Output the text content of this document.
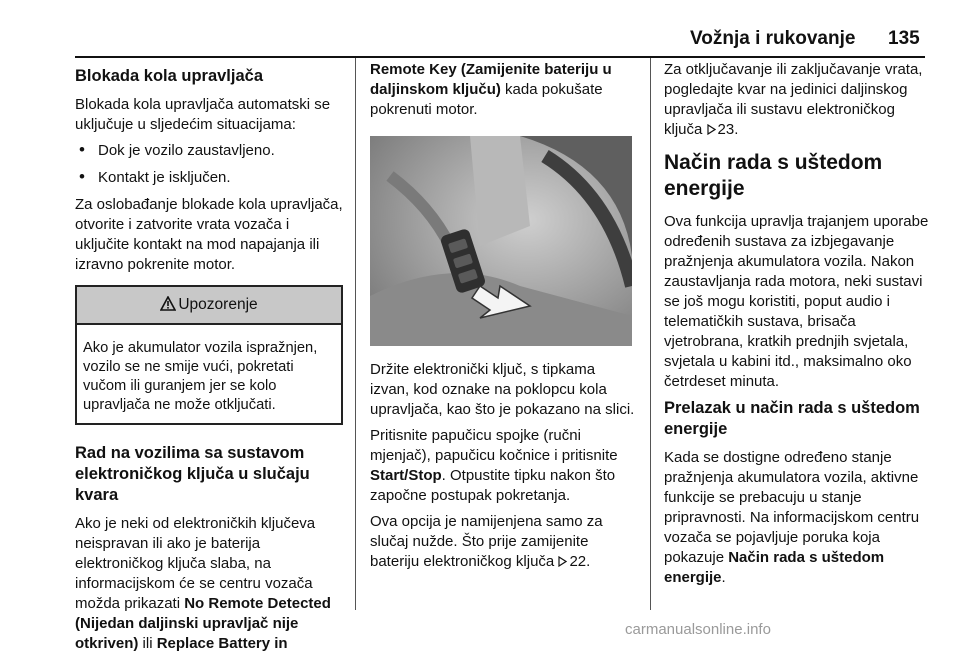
Vožnja i rukovanje 135
Blokada kola upravljača

Blokada kola upravljača automatski se uključuje u sljedećim situacijama:

• Dok je vozilo zaustavljeno.
• Kontakt je isključen.

Za oslobađanje blokade kola upravljača, otvorite i zatvorite vrata vozača i uključite kontakt na mod napajanja ili izravno pokrenite motor.

Upozorenje
Ako je akumulator vozila ispražnjen, vozilo se ne smije vući, pokretati vučom ili guranjem jer se kolo upravljača ne može otključati.
Rad na vozilima sa sustavom elektroničkog ključa u slučaju kvara

Ako je neki od elektroničkih ključeva neispravan ili ako je baterija elektroničkog ključa slaba, na informacijskom će se centru vozača možda prikazati No Remote Detected (Nijedan daljinski upravljač nije otkriven) ili Replace Battery in

Remote Key (Zamijenite bateriju u daljinskom ključu) kada pokušate pokrenuti motor.

Držite elektronički ključ, s tipkama izvan, kod oznake na poklopcu kola upravljača, kao što je pokazano na slici.

Pritisnite papučicu spojke (ručni mjenjač), papučicu kočnice i pritisnite Start/Stop. Otpustite tipku nakon što započne postupak pokretanja.

Ova opcija je namijenjena samo za slučaj nužde. Što prije zamijenite bateriju elektroničkog ključa 22.

Za otključavanje ili zaključavanje vrata, pogledajte kvar na jedinici daljinskog upravljača ili sustavu elektroničkog ključa 23.

Način rada s uštedom energije

Ova funkcija upravlja trajanjem uporabe određenih sustava za izbjegavanje pražnjenja akumulatora vozila. Nakon zaustavljanja rada motora, neki sustavi se još mogu koristiti, poput audio i telematičkih sustava, brisača vjetrobrana, kratkih prednjih svjetala, svjetala u kabini itd., maksimalno oko četrdeset minuta.

Prelazak u način rada s uštedom energije

Kada se dostigne određeno stanje pražnjenja akumulatora vozila, aktivne funkcije se prebacuju u stanje pripravnosti. Na informacijskom centru vozača se pojavljuje poruka koja pokazuje Način rada s uštedom energije.

carmanualsonline.info
